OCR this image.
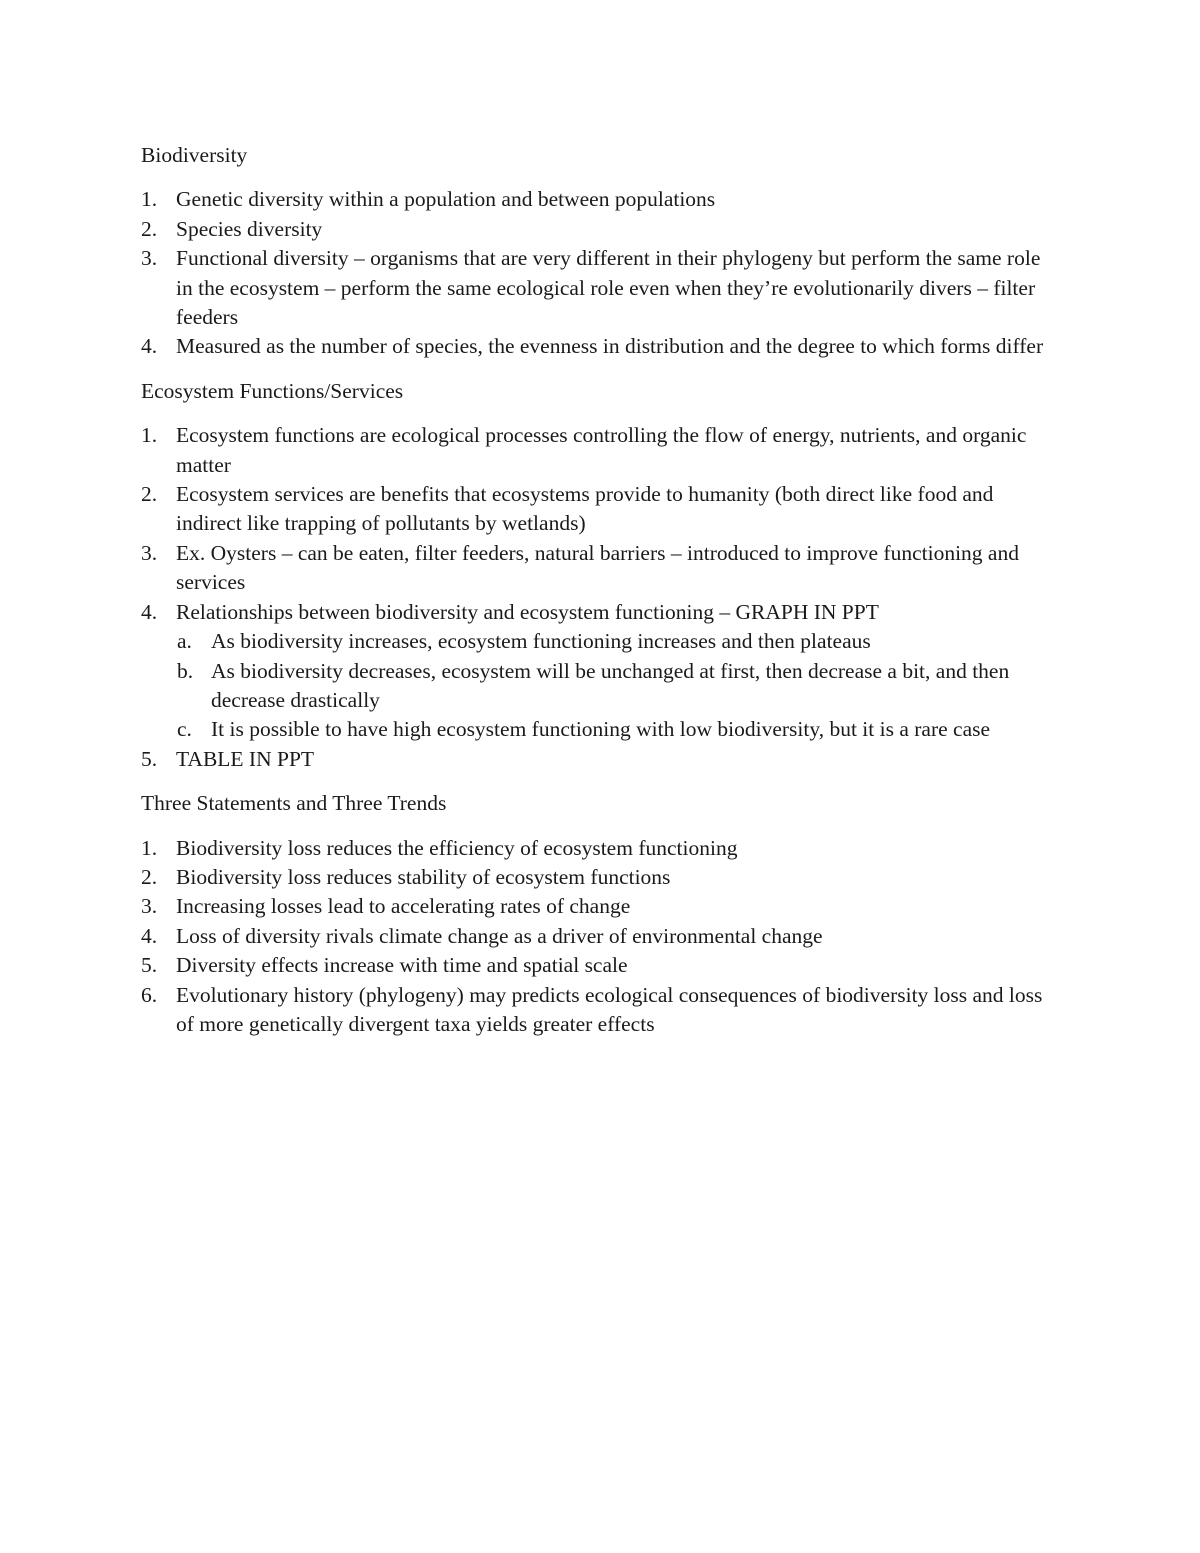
Biodiversity
1. Genetic diversity within a population and between populations
2. Species diversity
3. Functional diversity – organisms that are very different in their phylogeny but perform the same role in the ecosystem – perform the same ecological role even when they’re evolutionarily divers – filter feeders
4. Measured as the number of species, the evenness in distribution and the degree to which forms differ
Ecosystem Functions/Services
1. Ecosystem functions are ecological processes controlling the flow of energy, nutrients, and organic matter
2. Ecosystem services are benefits that ecosystems provide to humanity (both direct like food and indirect like trapping of pollutants by wetlands)
3. Ex. Oysters – can be eaten, filter feeders, natural barriers – introduced to improve functioning and services
4. Relationships between biodiversity and ecosystem functioning – GRAPH IN PPT
a. As biodiversity increases, ecosystem functioning increases and then plateaus
b. As biodiversity decreases, ecosystem will be unchanged at first, then decrease a bit, and then decrease drastically
c. It is possible to have high ecosystem functioning with low biodiversity, but it is a rare case
5. TABLE IN PPT
Three Statements and Three Trends
1. Biodiversity loss reduces the efficiency of ecosystem functioning
2. Biodiversity loss reduces stability of ecosystem functions
3. Increasing losses lead to accelerating rates of change
4. Loss of diversity rivals climate change as a driver of environmental change
5. Diversity effects increase with time and spatial scale
6. Evolutionary history (phylogeny) may predicts ecological consequences of biodiversity loss and loss of more genetically divergent taxa yields greater effects
